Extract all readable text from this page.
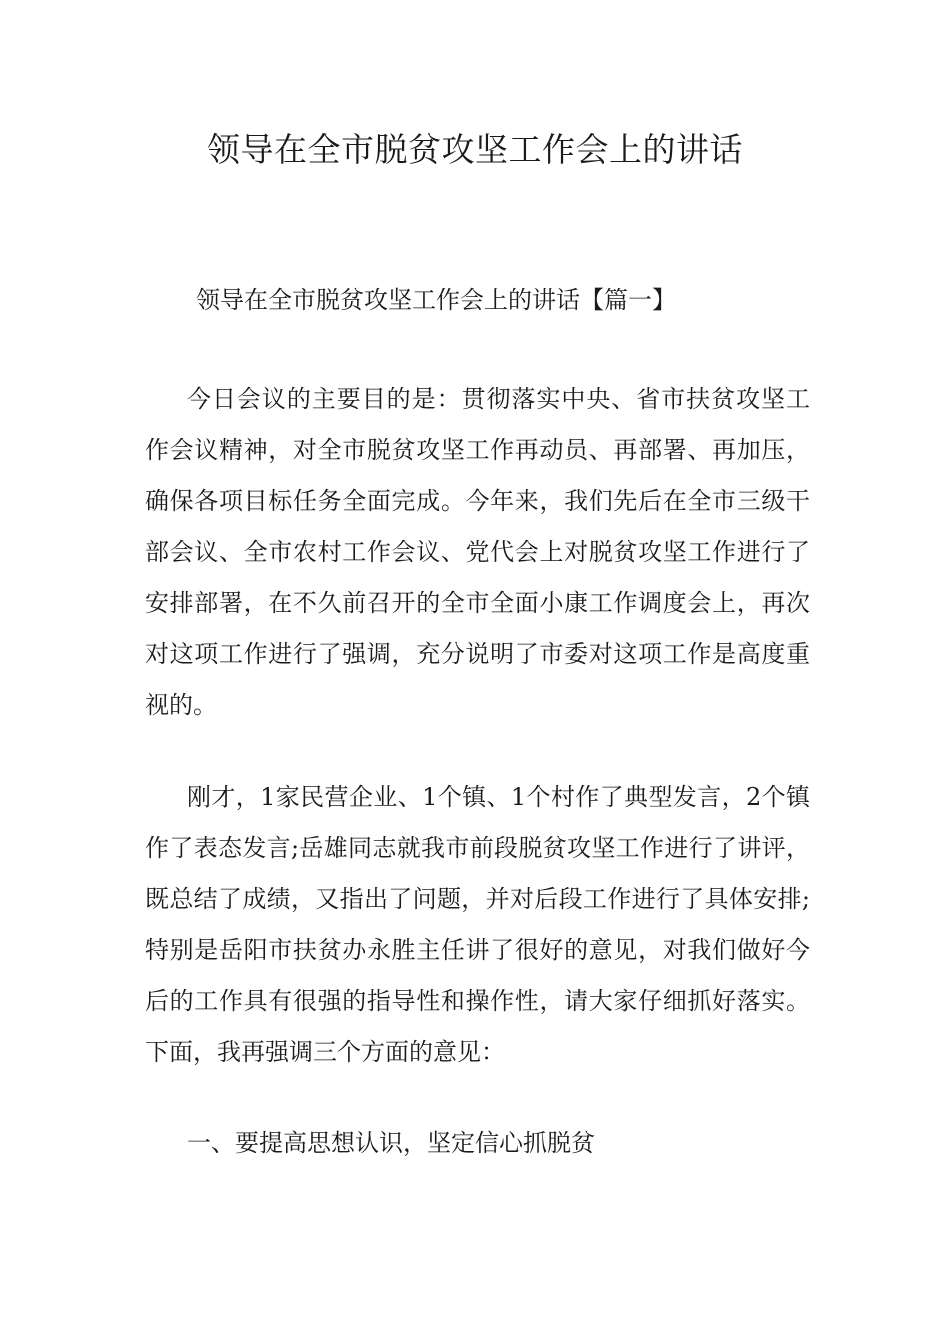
领导在全市脱贫攻坚工作会上的讲话
领导在全市脱贫攻坚工作会上的讲话【篇一】

今日会议的主要目的是：贯彻落实中央、省市扶贫攻坚工作会议精神，对全市脱贫攻坚工作再动员、再部署、再加压，确保各项目标任务全面完成。今年来，我们先后在全市三级干部会议、全市农村工作会议、党代会上对脱贫攻坚工作进行了安排部署，在不久前召开的全市全面小康工作调度会上，再次对这项工作进行了强调，充分说明了市委对这项工作是高度重视的。

刚才，1家民营企业、1个镇、1个村作了典型发言，2个镇作了表态发言;岳雄同志就我市前段脱贫攻坚工作进行了讲评，既总结了成绩，又指出了问题，并对后段工作进行了具体安排;特别是岳阳市扶贫办永胜主任讲了很好的意见，对我们做好今后的工作具有很强的指导性和操作性，请大家仔细抓好落实。下面，我再强调三个方面的意见：

一、要提高思想认识，坚定信心抓脱贫
